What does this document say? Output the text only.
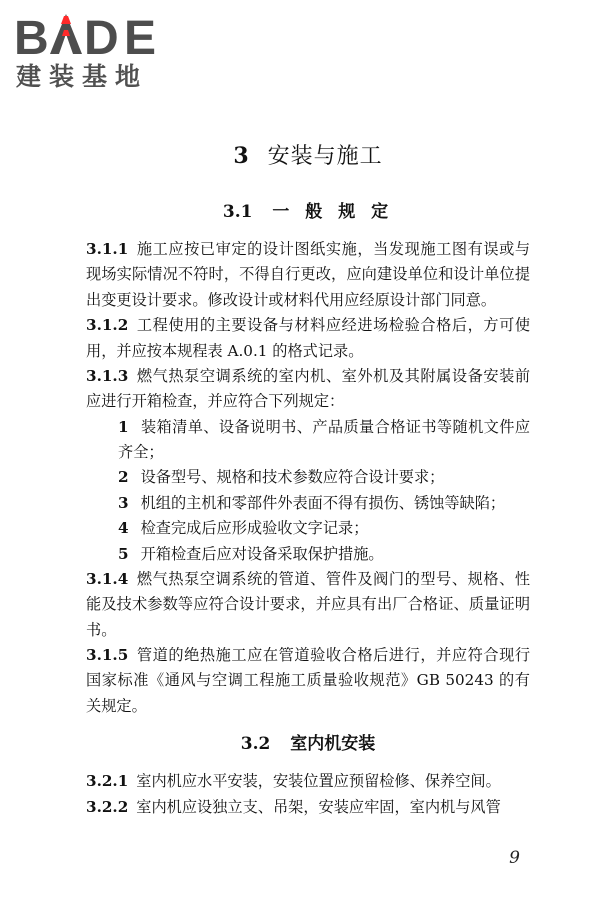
B D E
建装基地
3 安装与施工
3.1 一 般 规 定

3.1.1 施工应按已审定的设计图纸实施，当发现施工图有误或与现场实际情况不符时，不得自行更改，应向建设单位和设计单位提出变更设计要求。修改设计或材料代用应经原设计部门同意。

3.1.2 工程使用的主要设备与材料应经进场检验合格后，方可使用，并应按本规程表 A.0.1 的格式记录。

3.1.3 燃气热泵空调系统的室内机、室外机及其附属设备安装前应进行开箱检查，并应符合下列规定：

1 装箱清单、设备说明书、产品质量合格证书等随机文件应齐全；

2 设备型号、规格和技术参数应符合设计要求；

3 机组的主机和零部件外表面不得有损伤、锈蚀等缺陷；

4 检查完成后应形成验收文字记录；

5 开箱检查后应对设备采取保护措施。

3.1.4 燃气热泵空调系统的管道、管件及阀门的型号、规格、性能及技术参数等应符合设计要求，并应具有出厂合格证、质量证明书。

3.1.5 管道的绝热施工应在管道验收合格后进行，并应符合现行国家标准《通风与空调工程施工质量验收规范》GB 50243 的有关规定。

3.2 室内机安装

3.2.1 室内机应水平安装，安装位置应预留检修、保养空间。

3.2.2 室内机应设独立支、吊架，安装应牢固，室内机与风管

9
